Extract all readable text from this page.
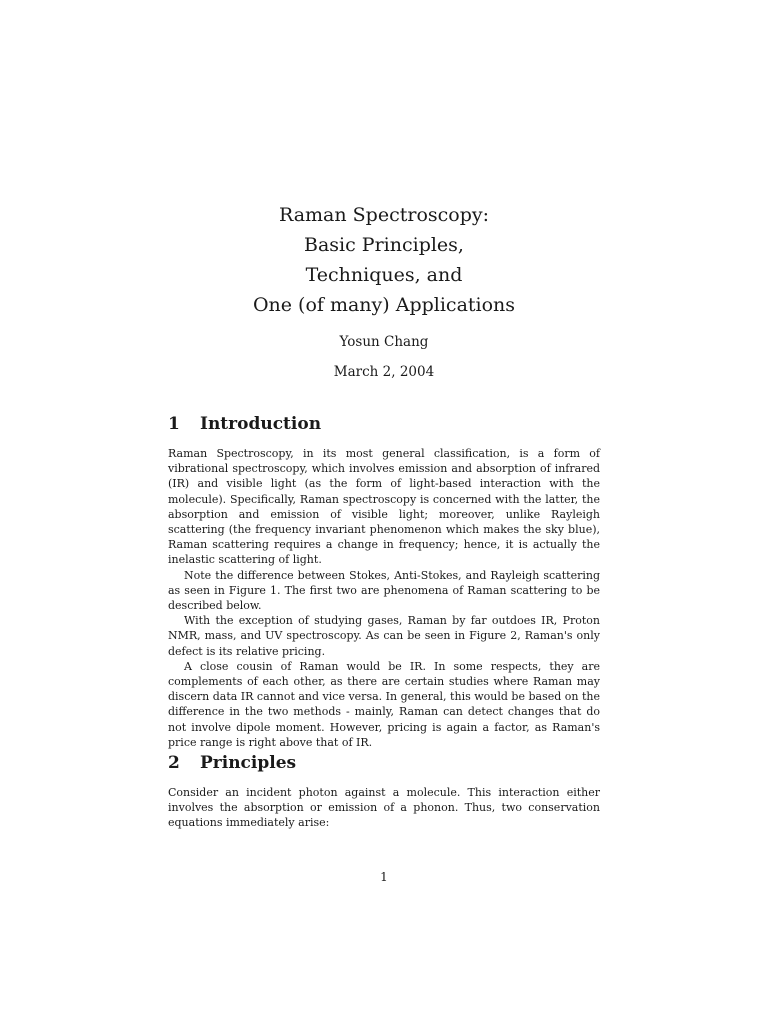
Raman Spectroscopy:
Basic Principles,
Techniques, and
One (of many) Applications
Yosun Chang
March 2, 2004
1 Introduction

Raman Spectroscopy, in its most general classification, is a form of vibrational spectroscopy, which involves emission and absorption of infrared (IR) and visible light (as the form of light-based interaction with the molecule). Specifically, Raman spectroscopy is concerned with the latter, the absorption and emission of visible light; moreover, unlike Rayleigh scattering (the frequency invariant phenomenon which makes the sky blue), Raman scattering requires a change in frequency; hence, it is actually the inelastic scattering of light.

Note the difference between Stokes, Anti-Stokes, and Rayleigh scattering as seen in Figure 1. The first two are phenomena of Raman scattering to be described below.

With the exception of studying gases, Raman by far outdoes IR, Proton NMR, mass, and UV spectroscopy. As can be seen in Figure 2, Raman's only defect is its relative pricing.

A close cousin of Raman would be IR. In some respects, they are complements of each other, as there are certain studies where Raman may discern data IR cannot and vice versa. In general, this would be based on the difference in the two methods - mainly, Raman can detect changes that do not involve dipole moment. However, pricing is again a factor, as Raman's price range is right above that of IR.

2 Principles

Consider an incident photon against a molecule. This interaction either involves the absorption or emission of a phonon. Thus, two conservation equations immediately arise:

1
